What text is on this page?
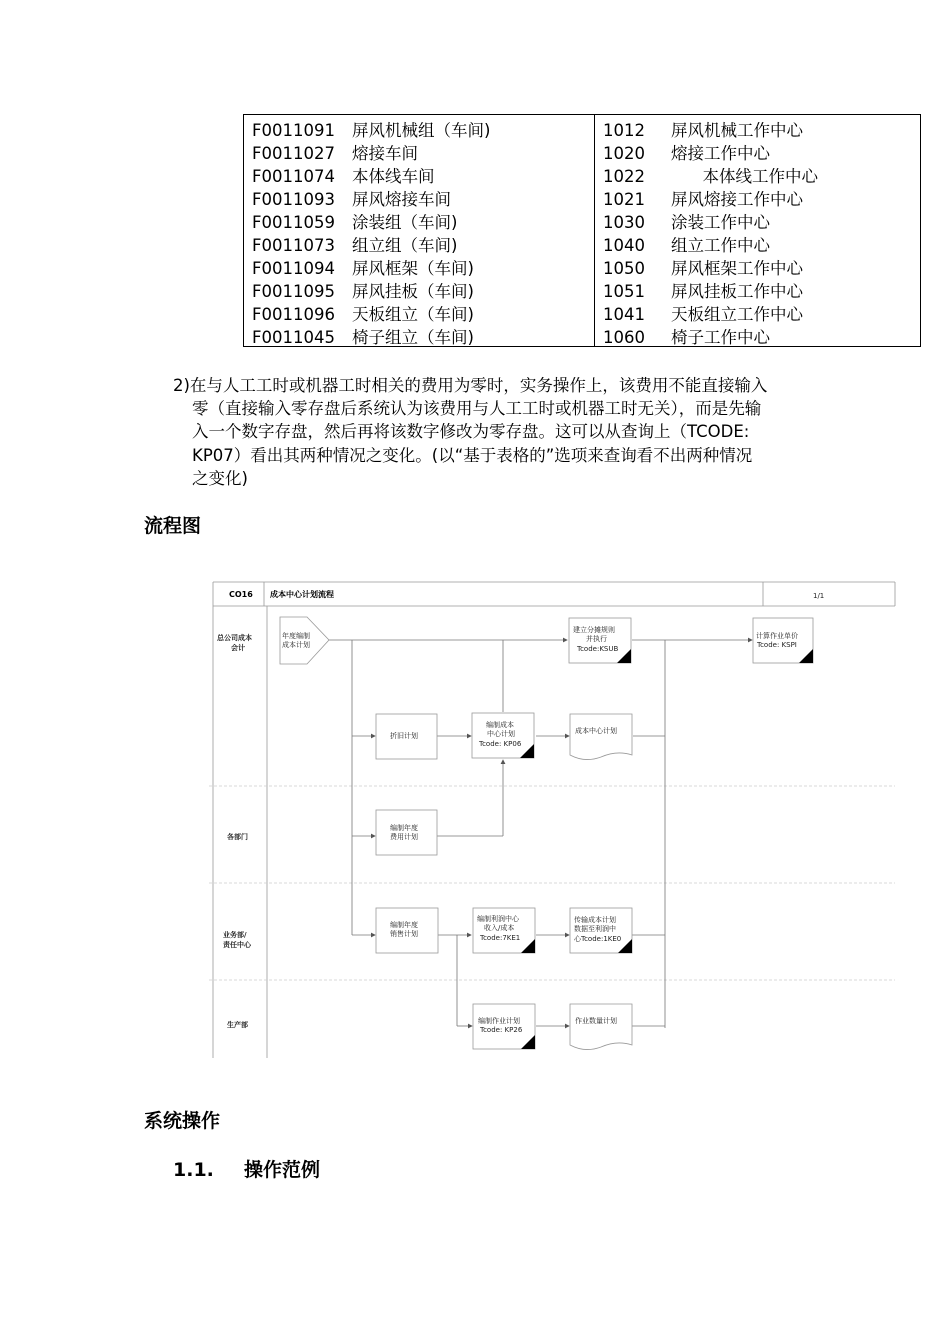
F0011091 屏风机械组（车间)
F0011027 熔接车间
F0011074 本体线车间
F0011093 屏风熔接车间
F0011059 涂装组（车间)
F0011073 组立组（车间)
F0011094 屏风框架（车间)
F0011095 屏风挂板（车间)
F0011096 天板组立（车间)
F0011045 椅子组立（车间)
1012 屏风机械工作中心
1020 熔接工作中心
1022      本体线工作中心
1021 屏风熔接工作中心
1030 涂装工作中心
1040 组立工作中心
1050 屏风框架工作中心
1051 屏风挂板工作中心
1041 天板组立工作中心
1060 椅子工作中心
2)在与人工工时或机器工时相关的费用为零时，实务操作上，该费用不能直接输入
零（直接输入零存盘后系统认为该费用与人工工时或机器工时无关），而是先输
入一个数字存盘，然后再将该数字修改为零存盘。这可以从查询上（TCODE:
KP07）看出其两种情况之变化。(以“基于表格的”选项来查询看不出两种情况
之变化)
流程图
CO16 成本中心计划流程	1/1
总公司成本
会计
各部门
业务部/
责任中心
生产部
年度编制
成本计划
建立分摊规则
并执行
Tcode:KSUB
计算作业单价
Tcode: KSPI
折旧计划
编制成本
中心计划
Tcode: KP06
成本中心计划
编制年度
费用计划
编制年度
销售计划
编制利润中心
收入/成本
Tcode:7KE1
传输成本计划
数据至利润中
心Tcode:1KE0
编制作业计划
Tcode: KP26
作业数量计划
系统操作
1.1. 操作范例
